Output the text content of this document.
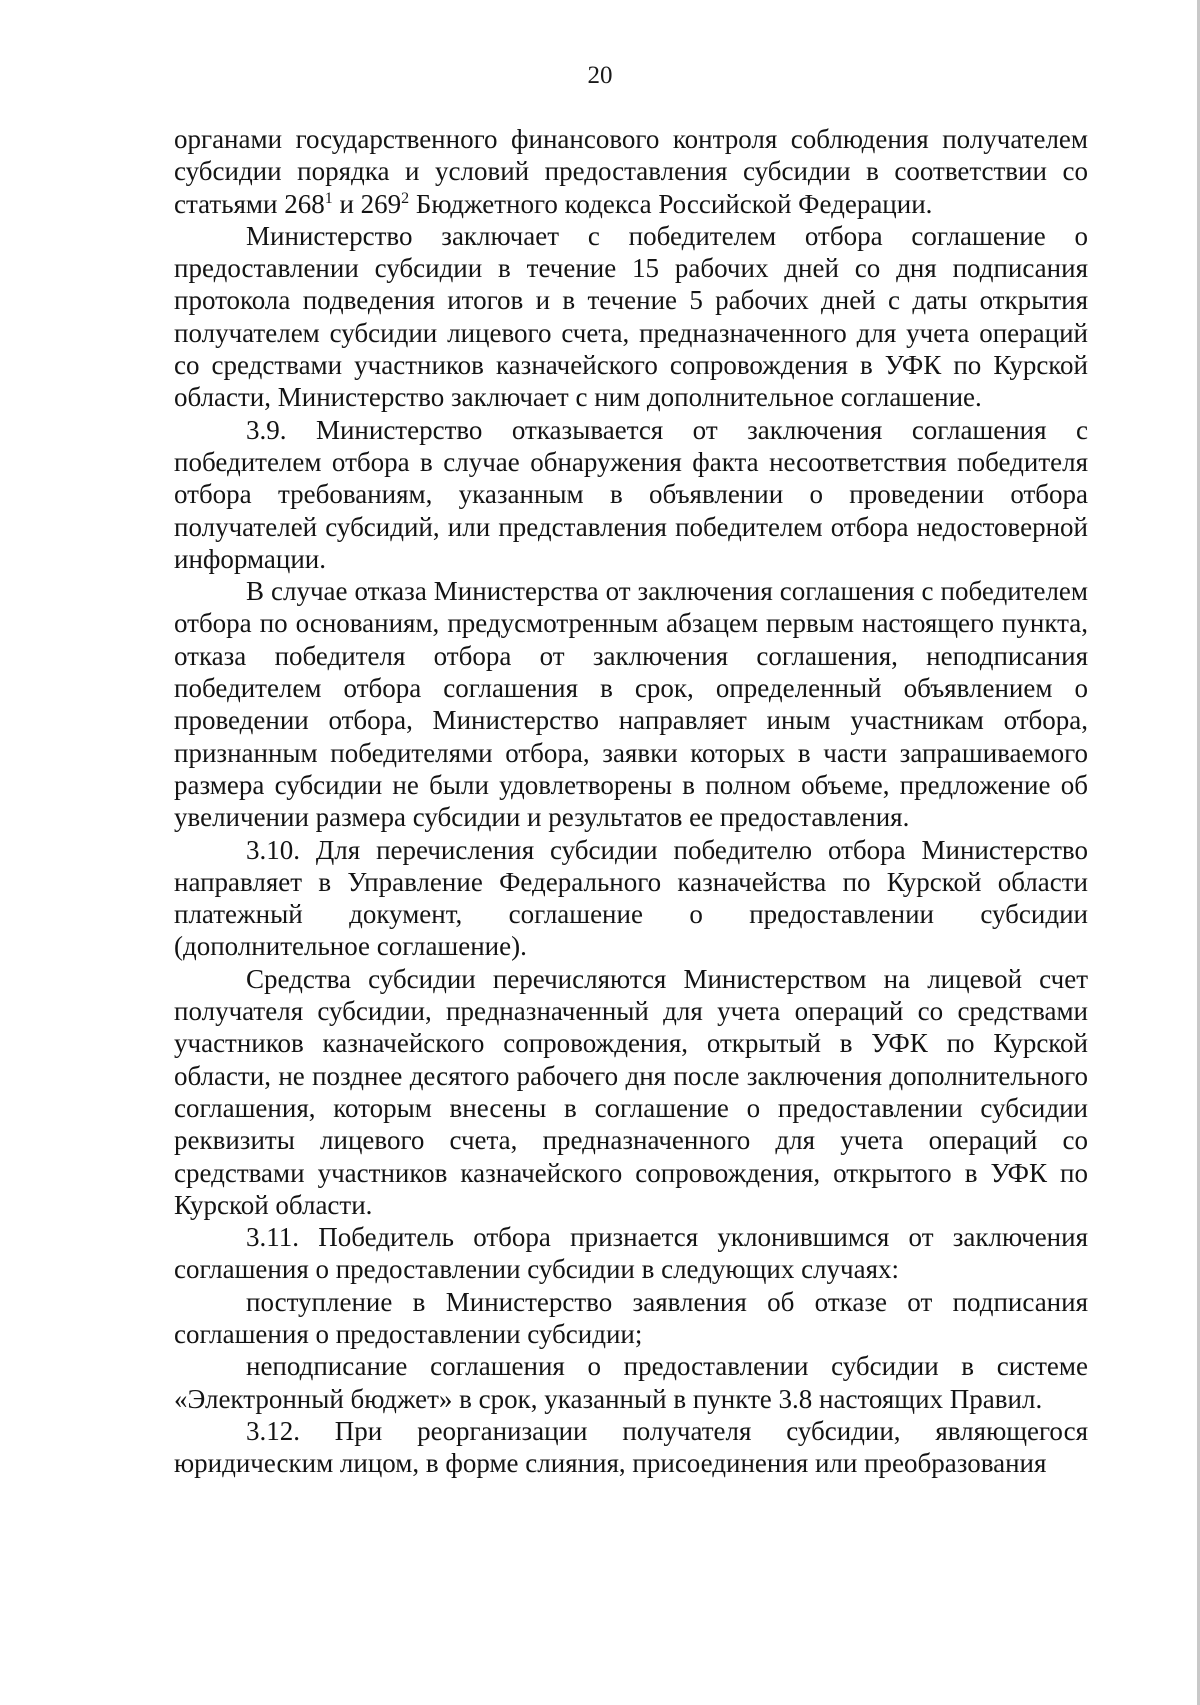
20

органами государственного финансового контроля соблюдения получателем субсидии порядка и условий предоставления субсидии в соответствии со статьями $268^1$ и $269^2$ Бюджетного кодекса Российской Федерации.

Министерство заключает с победителем отбора соглашение о предоставлении субсидии в течение 15 рабочих дней со дня подписания протокола подведения итогов и в течение 5 рабочих дней с даты открытия получателем субсидии лицевого счета, предназначенного для учета операций со средствами участников казначейского сопровождения в УФК по Курской области, Министерство заключает с ним дополнительное соглашение.

3.9. Министерство отказывается от заключения соглашения с победителем отбора в случае обнаружения факта несоответствия победителя отбора требованиям, указанным в объявлении о проведении отбора получателей субсидий, или представления победителем отбора недостоверной информации.

В случае отказа Министерства от заключения соглашения с победителем отбора по основаниям, предусмотренным абзацем первым настоящего пункта, отказа победителя отбора от заключения соглашения, неподписания победителем отбора соглашения в срок, определенный объявлением о проведении отбора, Министерство направляет иным участникам отбора, признанным победителями отбора, заявки которых в части запрашиваемого размера субсидии не были удовлетворены в полном объеме, предложение об увеличении размера субсидии и результатов ее предоставления.

3.10. Для перечисления субсидии победителю отбора Министерство направляет в Управление Федерального казначейства по Курской области платежный документ, соглашение о предоставлении субсидии (дополнительное соглашение).

Средства субсидии перечисляются Министерством на лицевой счет получателя субсидии, предназначенный для учета операций со средствами участников казначейского сопровождения, открытый в УФК по Курской области, не позднее десятого рабочего дня после заключения дополнительного соглашения, которым внесены в соглашение о предоставлении субсидии реквизиты лицевого счета, предназначенного для учета операций со средствами участников казначейского сопровождения, открытого в УФК по Курской области.

3.11. Победитель отбора признается уклонившимся от заключения соглашения о предоставлении субсидии в следующих случаях:

поступление в Министерство заявления об отказе от подписания соглашения о предоставлении субсидии;

неподписание соглашения о предоставлении субсидии в системе «Электронный бюджет» в срок, указанный в пункте 3.8 настоящих Правил.

3.12. При реорганизации получателя субсидии, являющегося юридическим лицом, в форме слияния, присоединения или преобразования
